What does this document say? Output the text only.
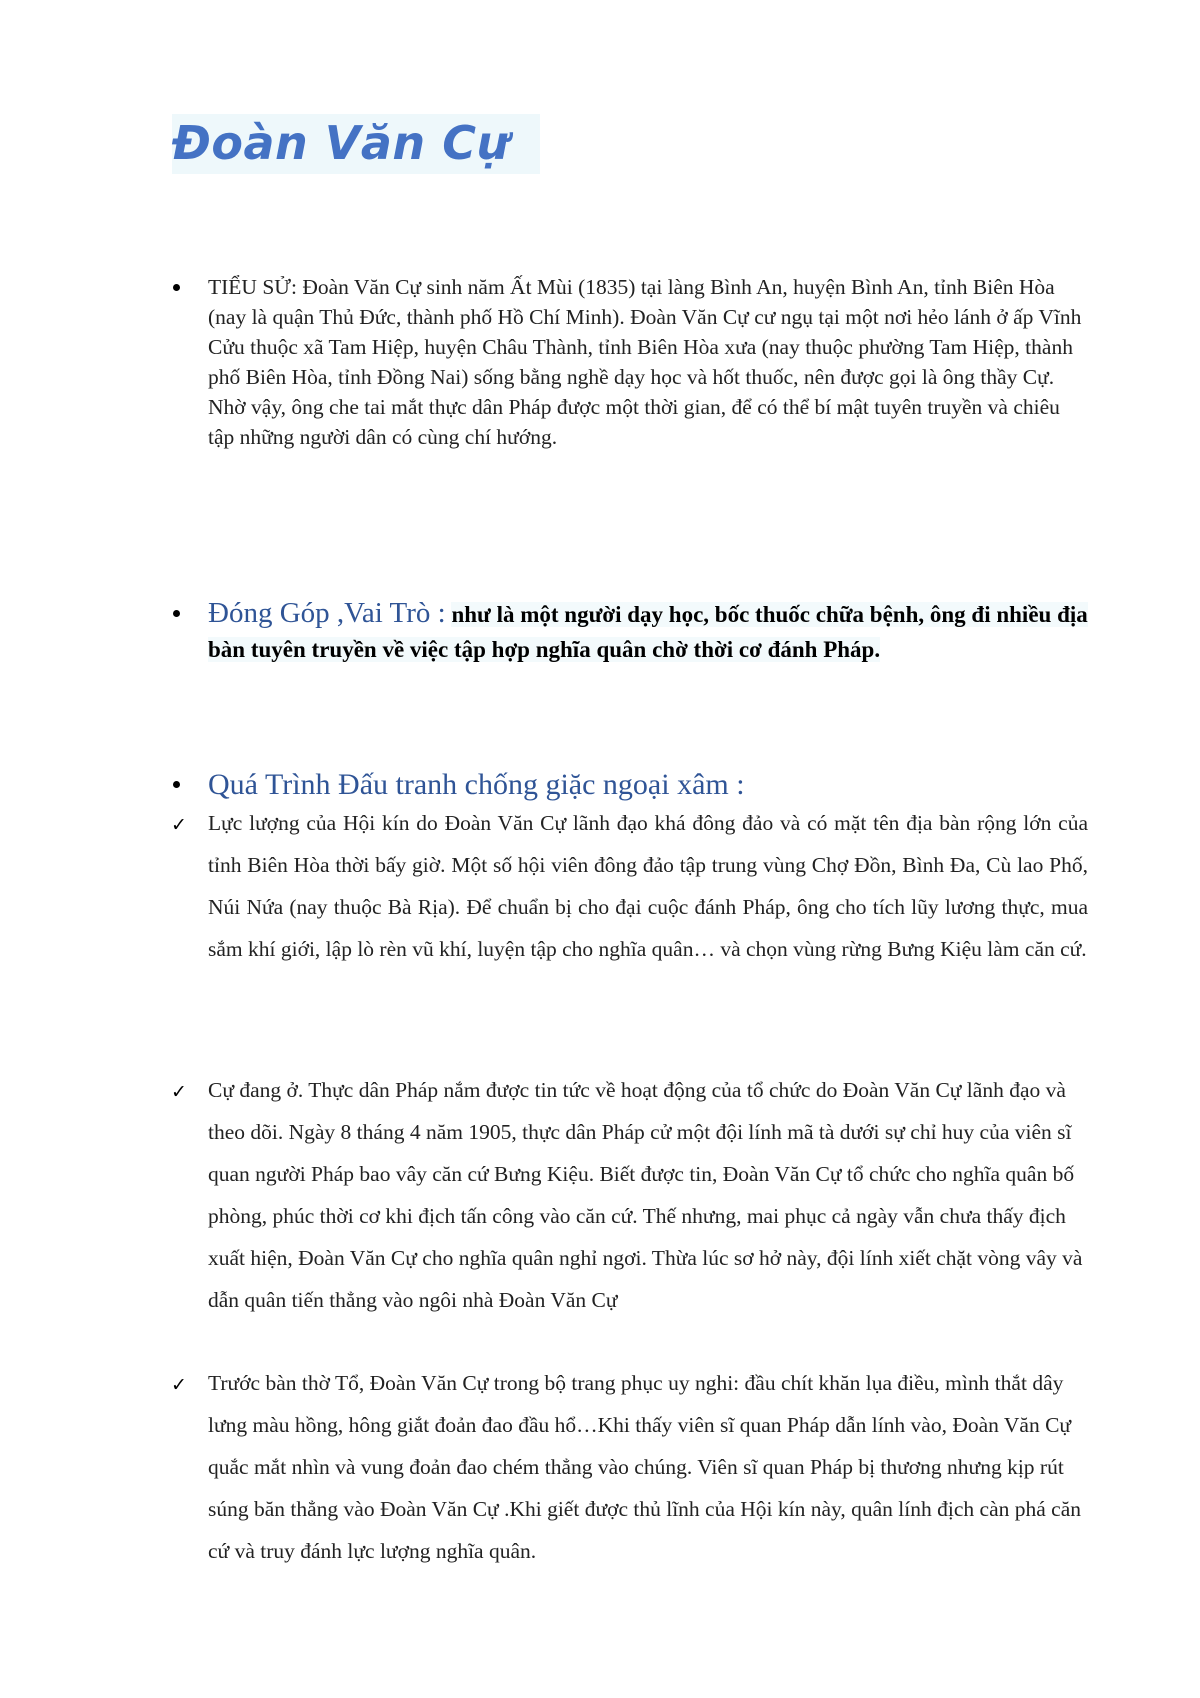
Đoàn Văn Cự
TIỂU SỬ: Đoàn Văn Cự sinh năm Ất Mùi (1835) tại làng Bình An, huyện Bình An, tỉnh Biên Hòa (nay là quận Thủ Đức, thành phố Hồ Chí Minh). Đoàn Văn Cự cư ngụ tại một nơi hẻo lánh ở ấp Vĩnh Cửu thuộc xã Tam Hiệp, huyện Châu Thành, tỉnh Biên Hòa xưa (nay thuộc phường Tam Hiệp, thành phố Biên Hòa, tỉnh Đồng Nai) sống bằng nghề dạy học và hốt thuốc, nên được gọi là ông thầy Cự. Nhờ vậy, ông che tai mắt thực dân Pháp được một thời gian, để có thể bí mật tuyên truyền và chiêu tập những người dân có cùng chí hướng.
Đóng Góp ,Vai Trò : như là một người dạy học, bốc thuốc chữa bệnh, ông đi nhiều địa bàn tuyên truyền về việc tập hợp nghĩa quân chờ thời cơ đánh Pháp.
Quá Trình Đấu tranh chống giặc ngoại xâm :
✓ Lực lượng của Hội kín do Đoàn Văn Cự lãnh đạo khá đông đảo và có mặt tên địa bàn rộng lớn của tỉnh Biên Hòa thời bấy giờ. Một số hội viên đông đảo tập trung vùng Chợ Đồn, Bình Đa, Cù lao Phố, Núi Nứa (nay thuộc Bà Rịa). Để chuẩn bị cho đại cuộc đánh Pháp, ông cho tích lũy lương thực, mua sắm khí giới, lập lò rèn vũ khí, luyện tập cho nghĩa quân… và chọn vùng rừng Bưng Kiệu làm căn cứ.
✓ Cự đang ở. Thực dân Pháp nắm được tin tức về hoạt động của tổ chức do Đoàn Văn Cự lãnh đạo và theo dõi. Ngày 8 tháng 4 năm 1905, thực dân Pháp cử một đội lính mã tà dưới sự chỉ huy của viên sĩ quan người Pháp bao vây căn cứ Bưng Kiệu. Biết được tin, Đoàn Văn Cự tổ chức cho nghĩa quân bố phòng, phúc thời cơ khi địch tấn công vào căn cứ. Thế nhưng, mai phục cả ngày vẫn chưa thấy địch xuất hiện, Đoàn Văn Cự cho nghĩa quân nghỉ ngơi. Thừa lúc sơ hở này, đội lính xiết chặt vòng vây và dẫn quân tiến thẳng vào ngôi nhà Đoàn Văn Cự
✓ Trước bàn thờ Tổ, Đoàn Văn Cự trong bộ trang phục uy nghi: đầu chít khăn lụa điều, mình thắt dây lưng màu hồng, hông giắt đoản đao đầu hổ…Khi thấy viên sĩ quan Pháp dẫn lính vào, Đoàn Văn Cự quắc mắt nhìn và vung đoản đao chém thẳng vào chúng. Viên sĩ quan Pháp bị thương nhưng kịp rút súng băn thẳng vào Đoàn Văn Cự .Khi giết được thủ lĩnh của Hội kín này, quân lính địch càn phá căn cứ và truy đánh lực lượng nghĩa quân.
